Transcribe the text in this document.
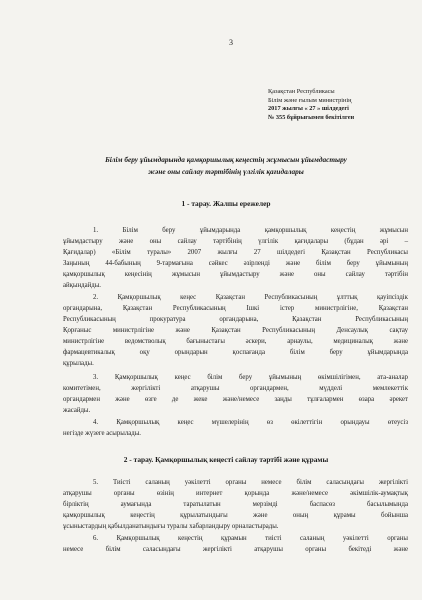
3
Қазақстан Республикасы
Білім және ғылым министрінің
2017 жылғы « 27 » шілдедегі
№ 355 бұйрығымен бекітілген
Білім беру ұйымдарында қамқоршылық кеңестің жұмысын ұйымдастыру
және оны сайлау тәртібінің үлгілік қағидалары
1 - тарау. Жалпы ережелер
1. Білім беру ұйымдарында қамқоршылық кеңестің жұмысын
ұйымдастыру және оны сайлау тәртібінің үлгілік қағидалары (бұдан әрі –
Қағидалар) «Білім туралы» 2007 жылғы 27 шілдедегі Қазақстан Республикасы
Заңының 44-бабының 9-тармағына сәйкес әзірленді және білім беру ұйымының
қамқоршылық кеңесінің жұмысын ұйымдастыру және оны сайлау тәртібін
айқындайды.
2. Қамқоршылық кеңес Қазақстан Республикасының ұлттық қауіпсіздік
органдарына, Қазақстан Республикасының Ішкі істер министрлігіне, Қазақстан
Республикасының прокуратура органдарына, Қазақстан Республикасының
Қорғаныс министрлігіне және Қазақстан Республикасының Денсаулық сақтау
министрлігіне ведомстволық бағыныстағы әскери, арнаулы, медициналық және
фармацевтикалық оқу орындарын қоспағанда білім беру ұйымдарында
құрылады.
3. Қамқоршылық кеңес білім беру ұйымының өкімшілігімен, ата-аналар
комитетімен, жергілікті атқарушы органдармен, мүдделі мемлекеттік
органдармен және өзге де жеке және/немесе заңды тұлғалармен өзара әрекет
жасайды.
4. Қамқоршылық кеңес мүшелерінің өз өкілеттігін орындауы өтеусіз
негізде жүзеге асырылады.
2 - тарау. Қамқоршылық кеңесті сайлау тәртібі және құрамы
5. Тиісті саланың уәкілетті органы немесе білім саласындағы жергілікті
атқарушы органы өзінің интернет қорында және/немесе әкімшілік-аумақтық
бірліктің аумағында таратылатын мерзімді баспасөз басылымында
қамқоршылық кеңестің құрылатындығы және оның құрамы бойынша
ұсыныстардың қабылданатындығы туралы хабарландыру орналастырады.
6. Қамқоршылық кеңестің құрамын тиісті саланың уәкілетті органы
немесе білім саласындағы жергілікті атқарушы органы бекітеді және
